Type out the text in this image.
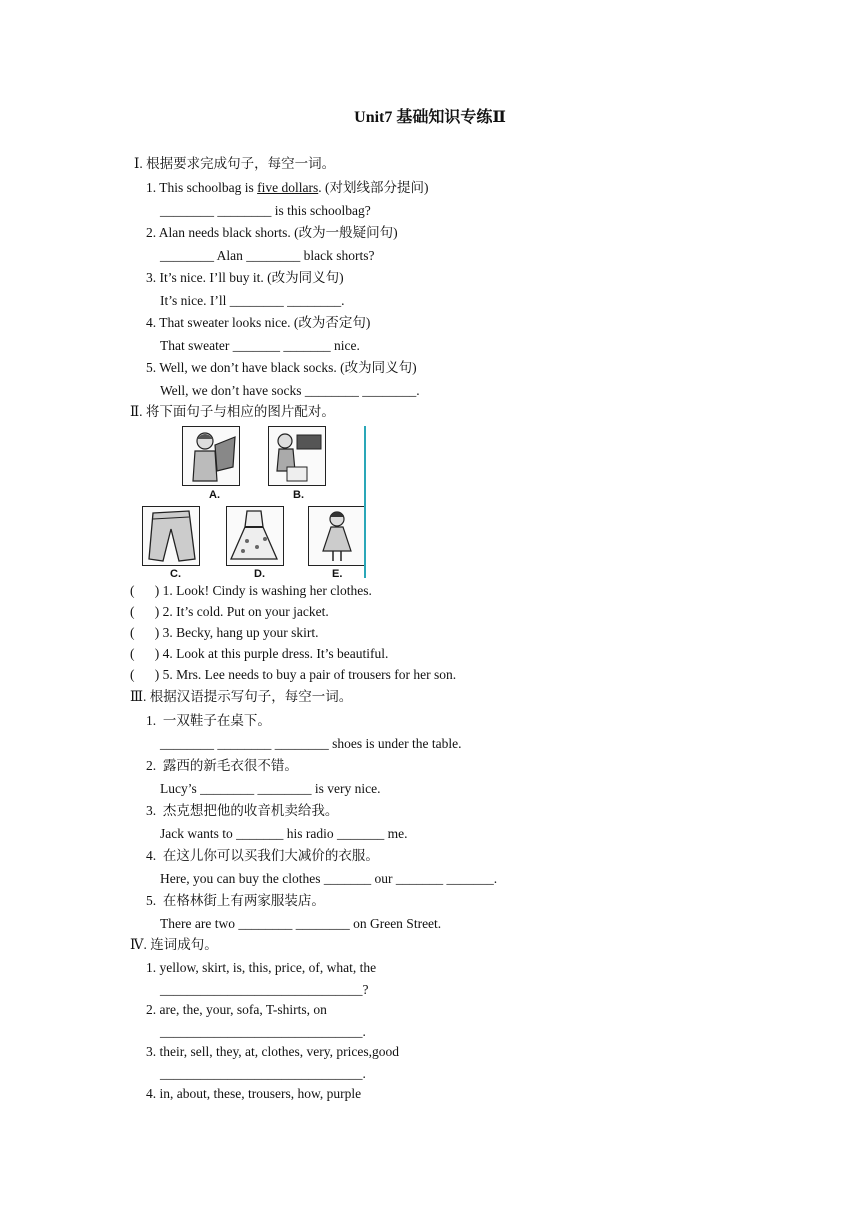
Unit7 基础知识专练Ⅱ
Ⅰ. 根据要求完成句子，每空一词。
1. This schoolbag is five dollars. (对划线部分提问)
________ ________ is this schoolbag?
2. Alan needs black shorts. (改为一般疑问句)
________ Alan ________ black shorts?
3. It’s nice. I’ll buy it. (改为同义句)
It’s nice. I’ll ________ ________.
4. That sweater looks nice. (改为否定句)
That sweater _______ _______ nice.
5. Well, we don’t have black socks. (改为同义句)
Well, we don’t have socks ________ ________.
Ⅱ. 将下面句子与相应的图片配对。
A.	B.
C.	D.	E.
(      ) 1. Look! Cindy is washing her clothes.
(      ) 2. It’s cold. Put on your jacket.
(      ) 3. Becky, hang up your skirt.
(      ) 4. Look at this purple dress. It’s beautiful.
(      ) 5. Mrs. Lee needs to buy a pair of trousers for her son.
Ⅲ. 根据汉语提示写句子，每空一词。
1.  一双鞋子在桌下。
________ ________ ________ shoes is under the table.
2.  露西的新毛衣很不错。
Lucy’s ________ ________ is very nice.
3.  杰克想把他的收音机卖给我。
Jack wants to _______ his radio _______ me.
4.  在这儿你可以买我们大减价的衣服。
Here, you can buy the clothes _______ our _______ _______.
5.  在格林街上有两家服装店。
There are two ________ ________ on Green Street.
Ⅳ. 连词成句。
1. yellow, skirt, is, this, price, of, what, the
______________________________?
2. are, the, your, sofa, T-shirts, on
______________________________.
3. their, sell, they, at, clothes, very, prices,good
______________________________.
4. in, about, these, trousers, how, purple
